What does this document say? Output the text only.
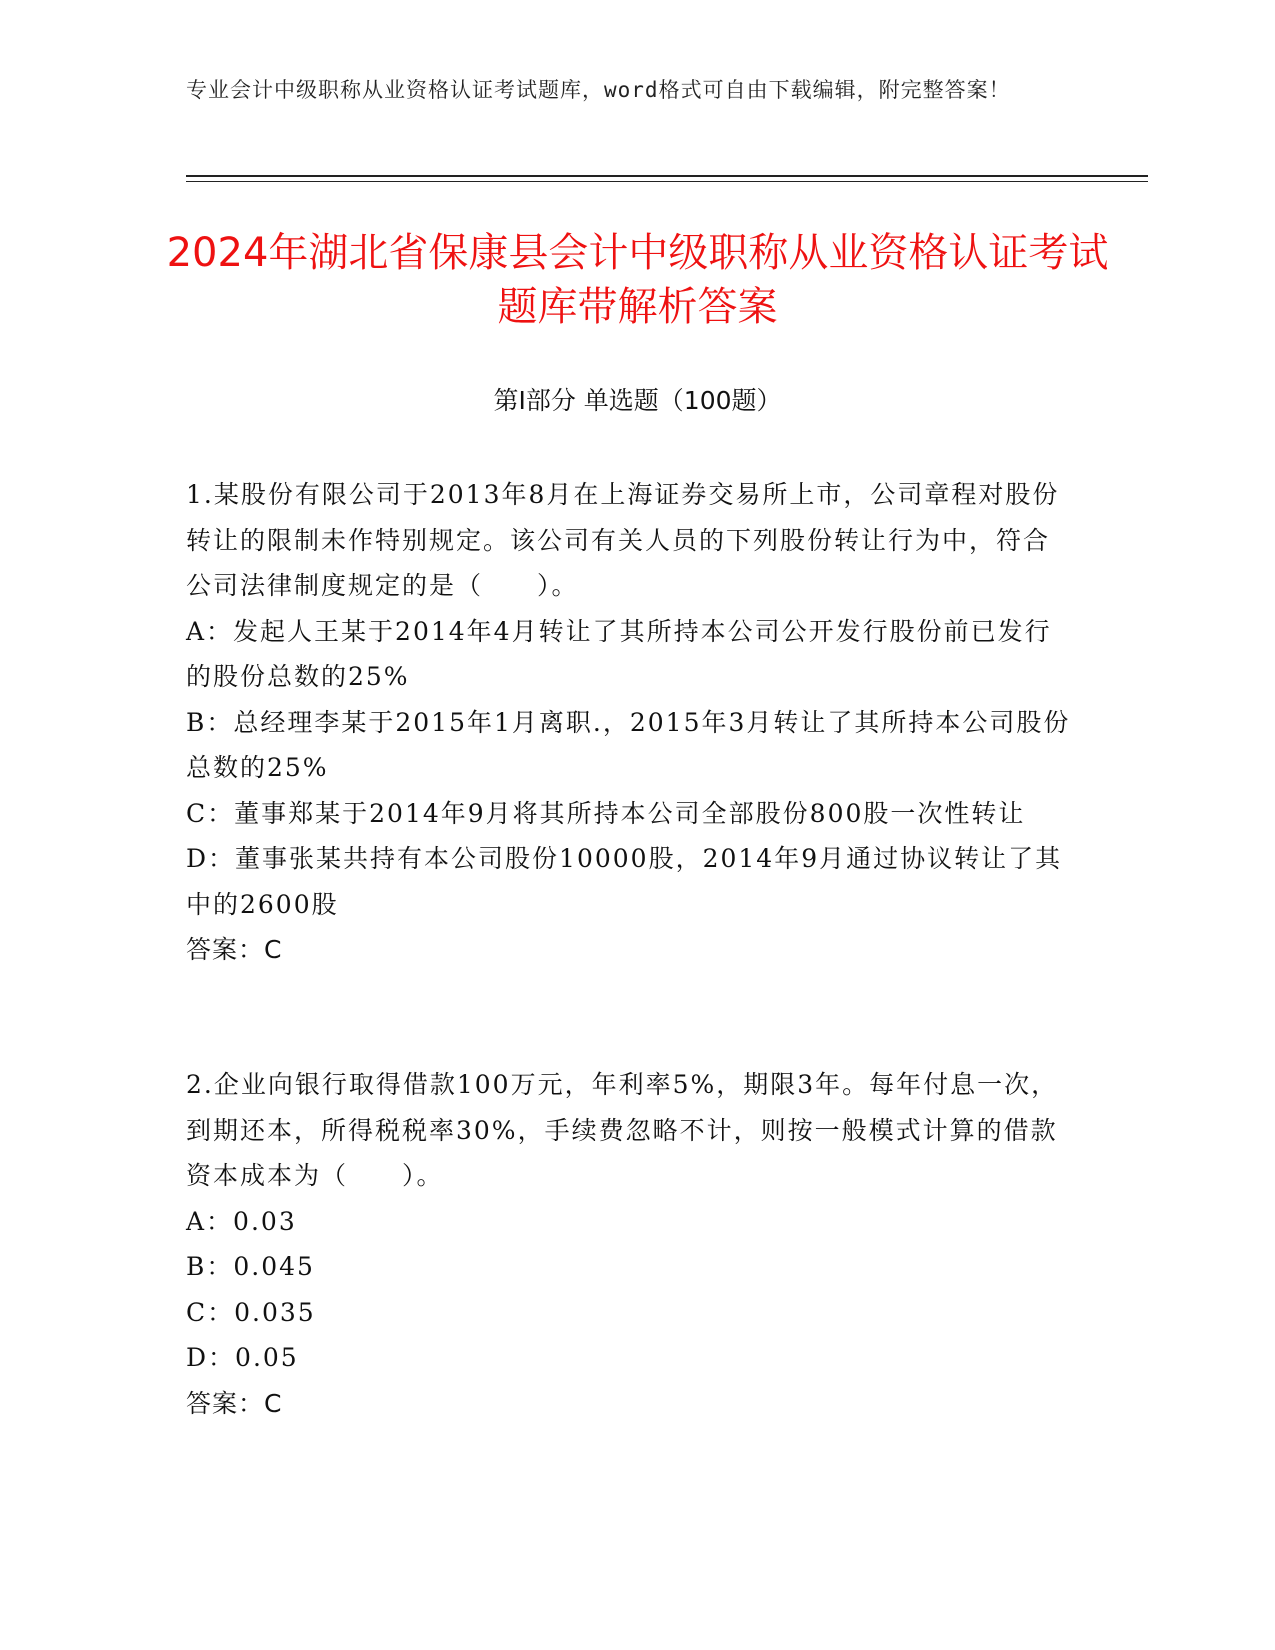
专业会计中级职称从业资格认证考试题库，word格式可自由下载编辑，附完整答案！
2024年湖北省保康县会计中级职称从业资格认证考试题库带解析答案
第Ⅰ部分 单选题（100题）
1.某股份有限公司于2013年8月在上海证券交易所上市，公司章程对股份转让的限制未作特别规定。该公司有关人员的下列股份转让行为中，符合公司法律制度规定的是（　　）。
A：发起人王某于2014年4月转让了其所持本公司公开发行股份前已发行的股份总数的25%
B：总经理李某于2015年1月离职.，2015年3月转让了其所持本公司股份总数的25%
C：董事郑某于2014年9月将其所持本公司全部股份800股一次性转让
D：董事张某共持有本公司股份10000股，2014年9月通过协议转让了其中的2600股
答案：C
2.企业向银行取得借款100万元，年利率5%，期限3年。每年付息一次，到期还本，所得税税率30%，手续费忽略不计，则按一般模式计算的借款资本成本为（　　）。
A：0.03
B：0.045
C：0.035
D：0.05
答案：C
